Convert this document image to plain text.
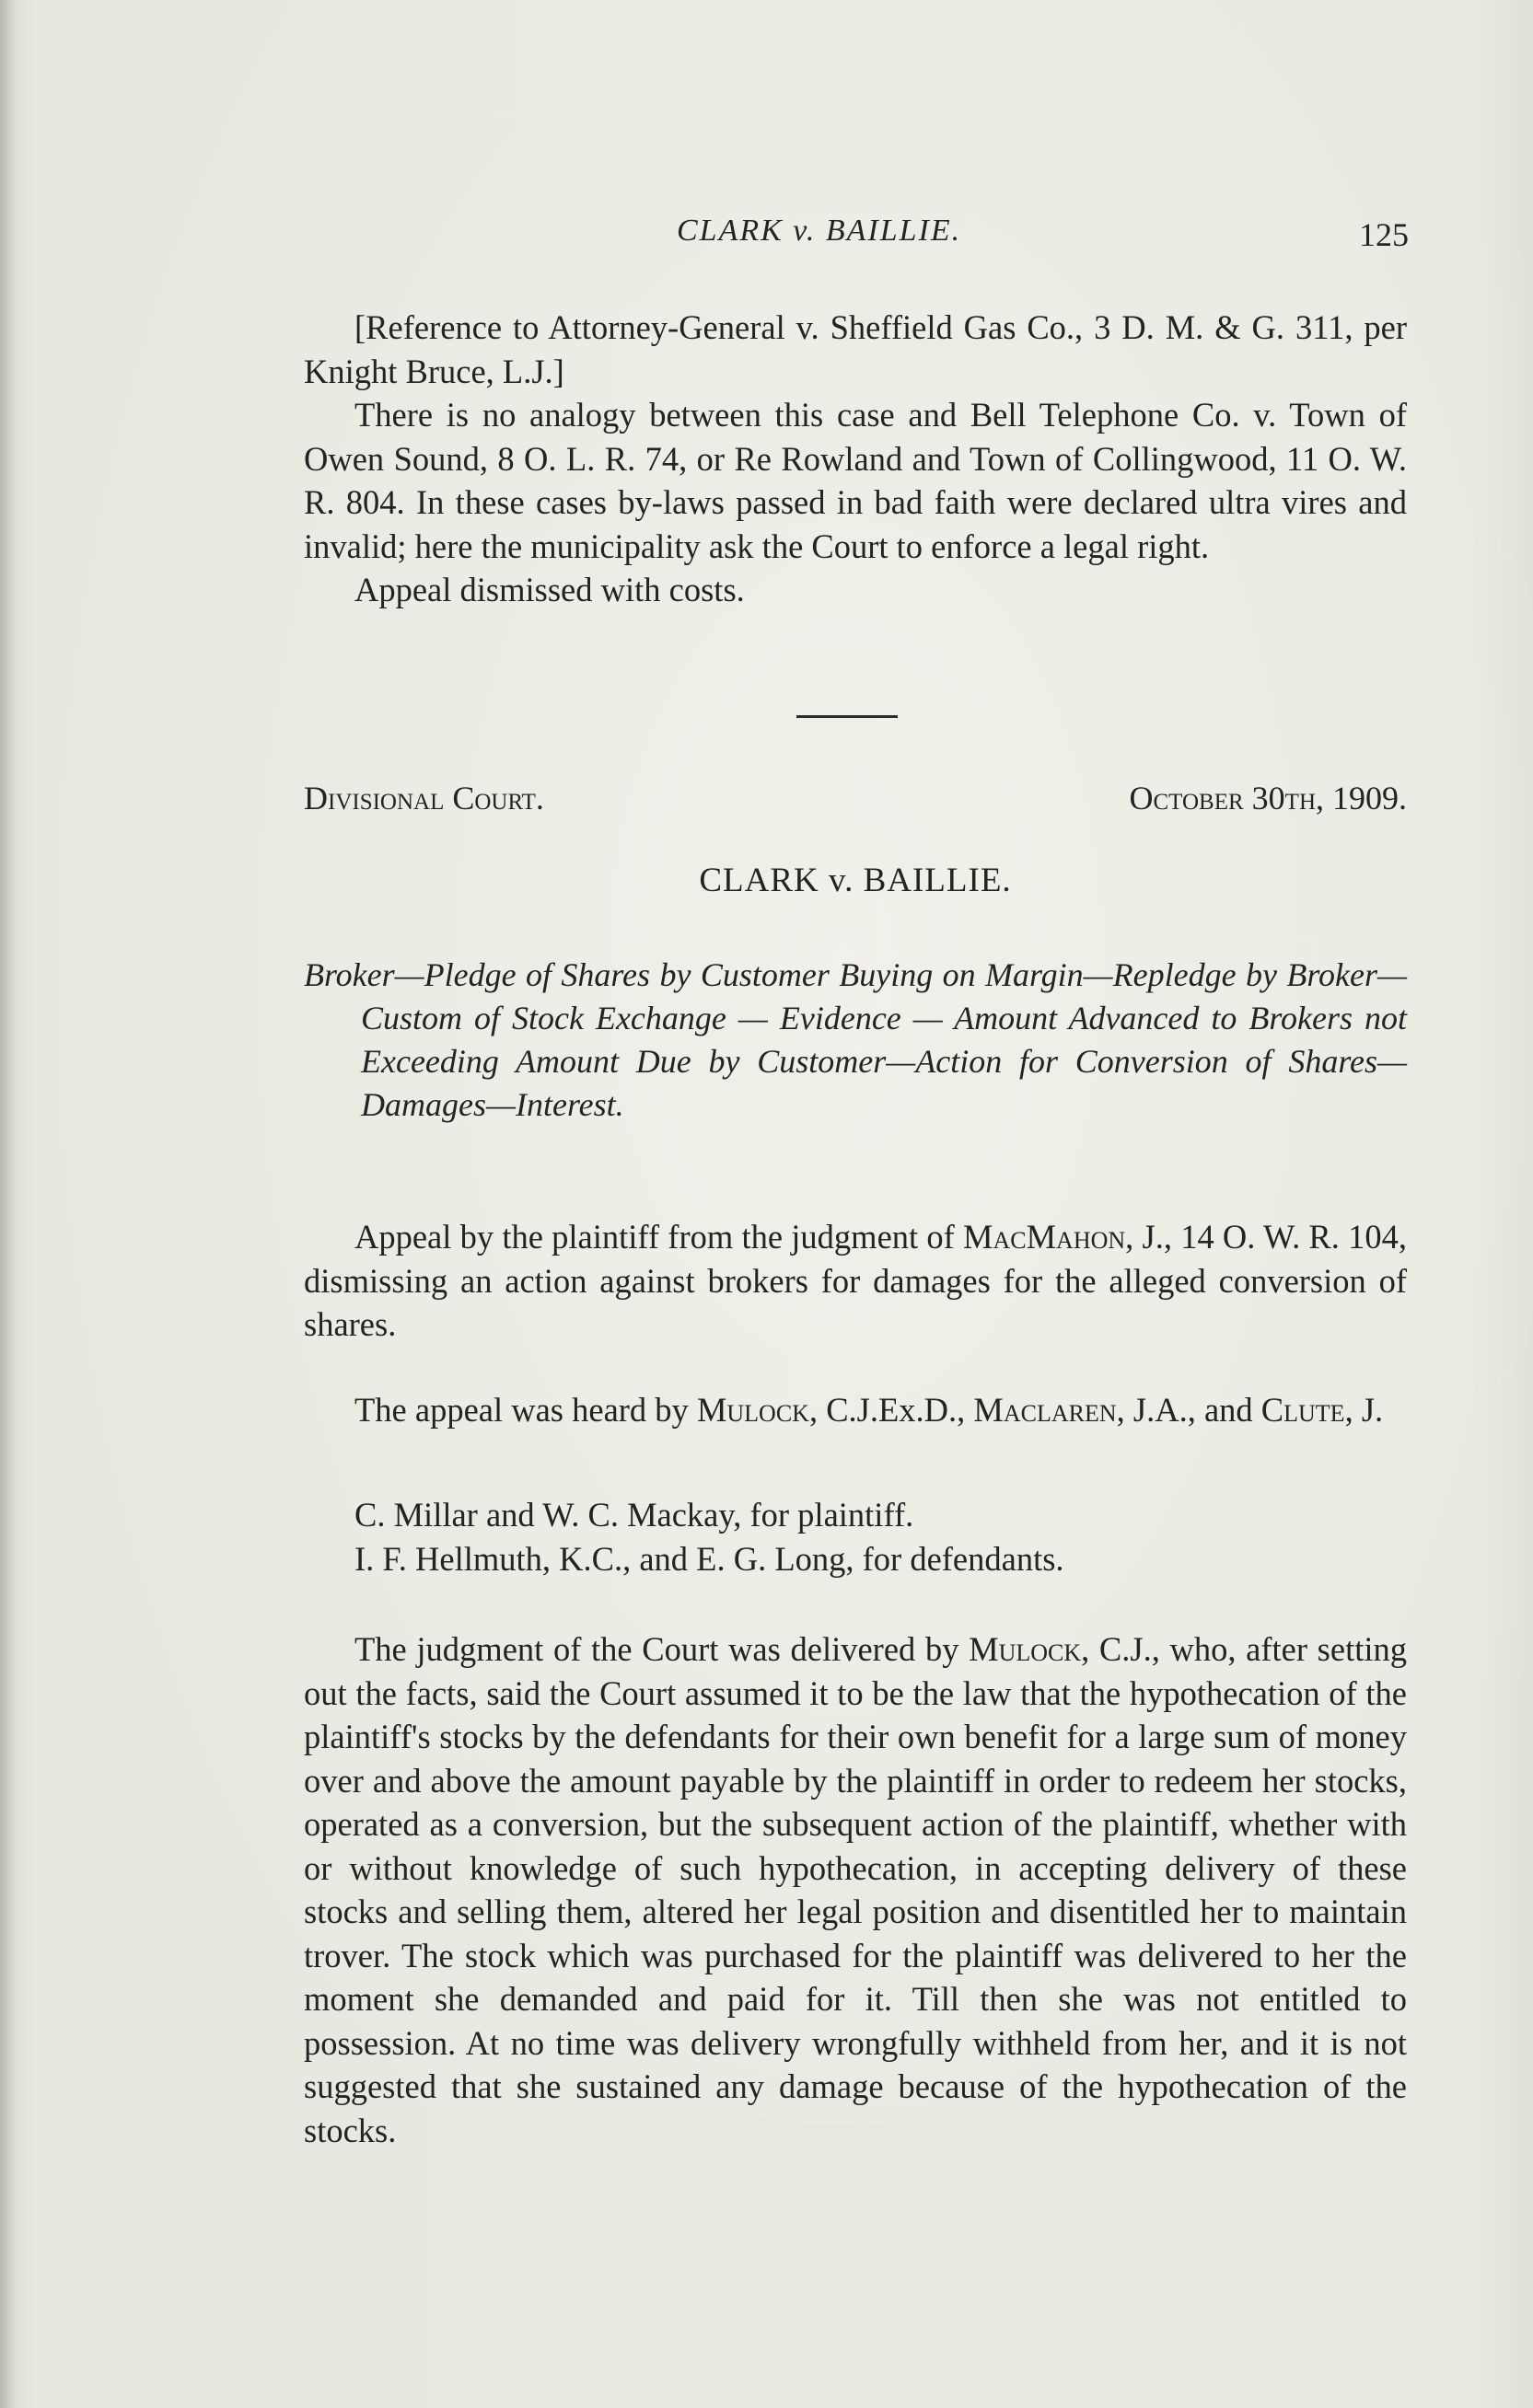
CLARK v. BAILLIE.	125

[Reference to Attorney-General v. Sheffield Gas Co., 3 D. M. & G. 311, per Knight Bruce, L.J.]

There is no analogy between this case and Bell Telephone Co. v. Town of Owen Sound, 8 O. L. R. 74, or Re Rowland and Town of Collingwood, 11 O. W. R. 804. In these cases by-laws passed in bad faith were declared ultra vires and invalid; here the municipality ask the Court to enforce a legal right.

Appeal dismissed with costs.

Divisional Court.	October 30th, 1909.
CLARK v. BAILLIE.
Broker—Pledge of Shares by Customer Buying on Margin—Repledge by Broker—Custom of Stock Exchange — Evidence — Amount Advanced to Brokers not Exceeding Amount Due by Customer—Action for Conversion of Shares—Damages—Interest.

Appeal by the plaintiff from the judgment of MacMahon, J., 14 O. W. R. 104, dismissing an action against brokers for damages for the alleged conversion of shares.

The appeal was heard by Mulock, C.J.Ex.D., Maclaren, J.A., and Clute, J.

C. Millar and W. C. Mackay, for plaintiff.

I. F. Hellmuth, K.C., and E. G. Long, for defendants.

The judgment of the Court was delivered by Mulock, C.J., who, after setting out the facts, said the Court assumed it to be the law that the hypothecation of the plaintiff's stocks by the defendants for their own benefit for a large sum of money over and above the amount payable by the plaintiff in order to redeem her stocks, operated as a conversion, but the subsequent action of the plaintiff, whether with or without knowledge of such hypothecation, in accepting delivery of these stocks and selling them, altered her legal position and disentitled her to maintain trover. The stock which was purchased for the plaintiff was delivered to her the moment she demanded and paid for it. Till then she was not entitled to possession. At no time was delivery wrongfully withheld from her, and it is not suggested that she sustained any damage because of the hypothecation of the stocks.
